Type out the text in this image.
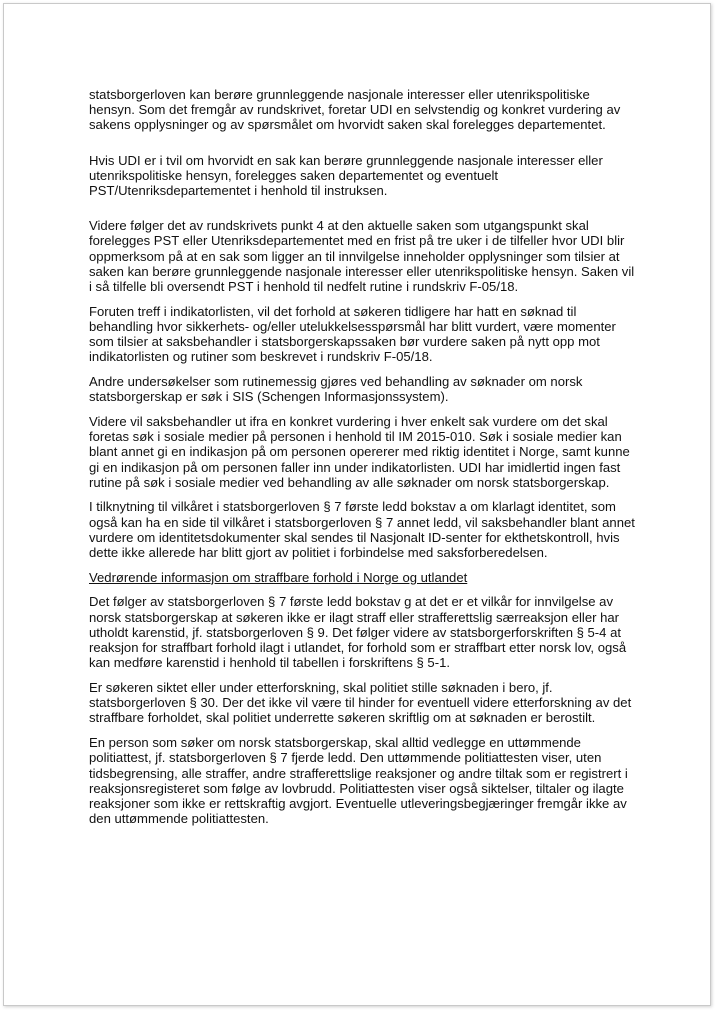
statsborgerloven kan berøre grunnleggende nasjonale interesser eller utenrikspolitiske hensyn. Som det fremgår av rundskrivet, foretar UDI en selvstendig og konkret vurdering av sakens opplysninger og av spørsmålet om hvorvidt saken skal forelegges departementet.

Hvis UDI er i tvil om hvorvidt en sak kan berøre grunnleggende nasjonale interesser eller utenrikspolitiske hensyn, forelegges saken departementet og eventuelt PST/Utenriksdepartementet i henhold til instruksen.

Videre følger det av rundskrivets punkt 4 at den aktuelle saken som utgangspunkt skal forelegges PST eller Utenriksdepartementet med en frist på tre uker i de tilfeller hvor UDI blir oppmerksom på at en sak som ligger an til innvilgelse inneholder opplysninger som tilsier at saken kan berøre grunnleggende nasjonale interesser eller utenrikspolitiske hensyn. Saken vil i så tilfelle bli oversendt PST i henhold til nedfelt rutine i rundskriv F-05/18.

Foruten treff i indikatorlisten, vil det forhold at søkeren tidligere har hatt en søknad til behandling hvor sikkerhets- og/eller utelukkelsesspørsmål har blitt vurdert, være momenter som tilsier at saksbehandler i statsborgerskapssaken bør vurdere saken på nytt opp mot indikatorlisten og rutiner som beskrevet i rundskriv F-05/18.

Andre undersøkelser som rutinemessig gjøres ved behandling av søknader om norsk statsborgerskap er søk i SIS (Schengen Informasjonssystem).

Videre vil saksbehandler ut ifra en konkret vurdering i hver enkelt sak vurdere om det skal foretas søk i sosiale medier på personen i henhold til IM 2015-010. Søk i sosiale medier kan blant annet gi en indikasjon på om personen opererer med riktig identitet i Norge, samt kunne gi en indikasjon på om personen faller inn under indikatorlisten. UDI har imidlertid ingen fast rutine på søk i sosiale medier ved behandling av alle søknader om norsk statsborgerskap.

I tilknytning til vilkåret i statsborgerloven § 7 første ledd bokstav a om klarlagt identitet, som også kan ha en side til vilkåret i statsborgerloven § 7 annet ledd, vil saksbehandler blant annet vurdere om identitetsdokumenter skal sendes til Nasjonalt ID-senter for ekthetskontroll, hvis dette ikke allerede har blitt gjort av politiet i forbindelse med saksforberedelsen.

Vedrørende informasjon om straffbare forhold i Norge og utlandet

Det følger av statsborgerloven § 7 første ledd bokstav g at det er et vilkår for innvilgelse av norsk statsborgerskap at søkeren ikke er ilagt straff eller strafferettslig særreaksjon eller har utholdt karenstid, jf. statsborgerloven § 9. Det følger videre av statsborgerforskriften § 5-4 at reaksjon for straffbart forhold ilagt i utlandet, for forhold som er straffbart etter norsk lov, også kan medføre karenstid i henhold til tabellen i forskriftens § 5-1.

Er søkeren siktet eller under etterforskning, skal politiet stille søknaden i bero, jf. statsborgerloven § 30. Der det ikke vil være til hinder for eventuell videre etterforskning av det straffbare forholdet, skal politiet underrette søkeren skriftlig om at søknaden er berostilt.

En person som søker om norsk statsborgerskap, skal alltid vedlegge en uttømmende politiattest, jf. statsborgerloven § 7 fjerde ledd. Den uttømmende politiattesten viser, uten tidsbegrensing, alle straffer, andre strafferettslige reaksjoner og andre tiltak som er registrert i reaksjonsregisteret som følge av lovbrudd. Politiattesten viser også siktelser, tiltaler og ilagte reaksjoner som ikke er rettskraftig avgjort. Eventuelle utleveringsbegjæringer fremgår ikke av den uttømmende politiattesten.
